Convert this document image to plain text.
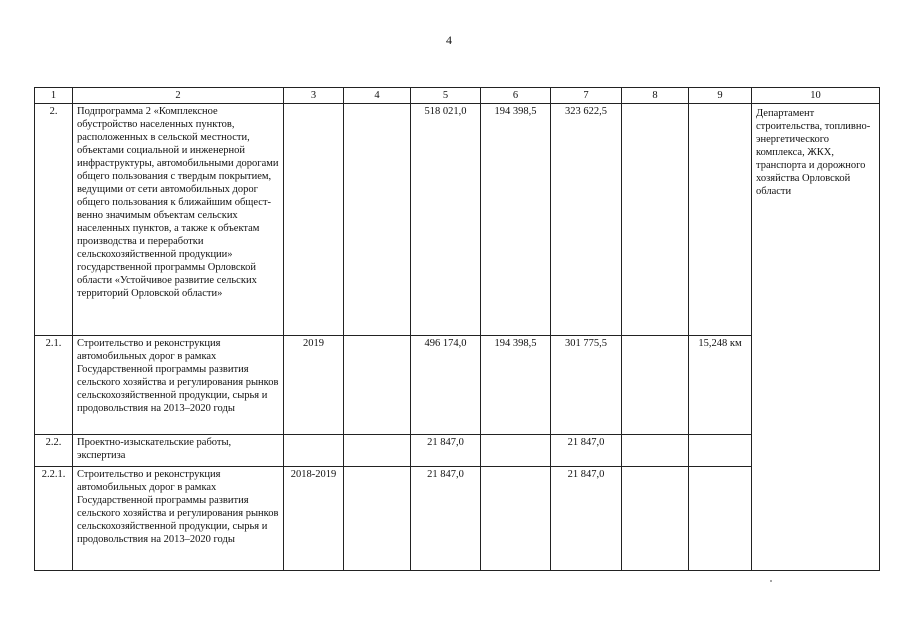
4
1	2	3	4	5	6	7	8	9	10
2.	Подпрограмма 2 «Комплексное обустройство населенных пунктов, расположенных в сельской местности, объектами социальной и инженерной инфраструктуры, автомобильными дорогами общего пользования с твердым покрытием, ведущими от сети автомобильных дорог общего пользования к ближайшим общест-венно значимым объектам сельских населенных пунктов, а также к объектам производства и переработки сельскохозяйственной продукции» государственной программы Орловской области «Устойчивое развитие сельских территорий Орловской области»			518 021,0	194 398,5	323 622,5			Департамент строительства, топливно-энергетического комплекса, ЖКХ, транспорта и дорожного хозяйства Орловской области
2.1.	Строительство и реконструкция автомобильных дорог в рамках Государственной программы развития сельского хозяйства и регулирования рынков сельскохозяйственной продукции, сырья и продовольствия на 2013–2020 годы	2019		496 174,0	194 398,5	301 775,5		15,248 км	
2.2.	Проектно-изыскательские работы, экспертиза			21 847,0		21 847,0			
2.2.1.	Строительство и реконструкция автомобильных дорог в рамках Государственной программы развития сельского хозяйства и регулирования рынков сельскохозяйственной продукции, сырья и продовольствия на 2013–2020 годы	2018-2019		21 847,0		21 847,0			
